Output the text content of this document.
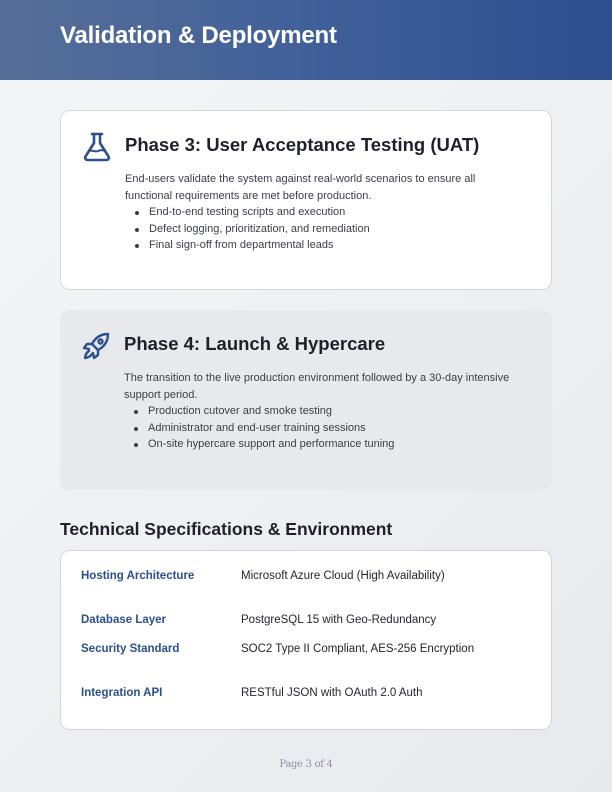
Validation & Deployment
Phase 3: User Acceptance Testing (UAT)
End-users validate the system against real-world scenarios to ensure all functional requirements are met before production.
End-to-end testing scripts and execution
Defect logging, prioritization, and remediation
Final sign-off from departmental leads
Phase 4: Launch & Hypercare
The transition to the live production environment followed by a 30-day intensive support period.
Production cutover and smoke testing
Administrator and end-user training sessions
On-site hypercare support and performance tuning
Technical Specifications & Environment
Hosting Architecture	Microsoft Azure Cloud (High Availability)
Database Layer	PostgreSQL 15 with Geo-Redundancy
Security Standard	SOC2 Type II Compliant, AES-256 Encryption
Integration API	RESTful JSON with OAuth 2.0 Auth
Page 3 of 4
